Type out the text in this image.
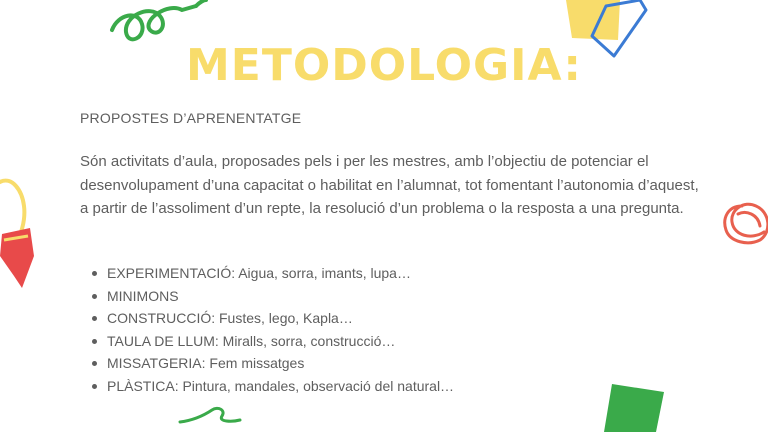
METODOLOGIA:
PROPOSTES D’APRENENTATGE
Són activitats d’aula, proposades pels i per les mestres, amb l’objectiu de potenciar el desenvolupament d’una capacitat o habilitat en l’alumnat, tot fomentant l’autonomia d’aquest, a partir de l’assoliment d’un repte, la resolució d’un problema o la resposta a una pregunta.
EXPERIMENTACIÓ: Aigua, sorra, imants, lupa…
MINIMONS
CONSTRUCCIÓ: Fustes, lego, Kapla…
TAULA DE LLUM: Miralls, sorra, construcció…
MISSATGERIA: Fem missatges
PLÀSTICA: Pintura, mandales, observació del natural…
